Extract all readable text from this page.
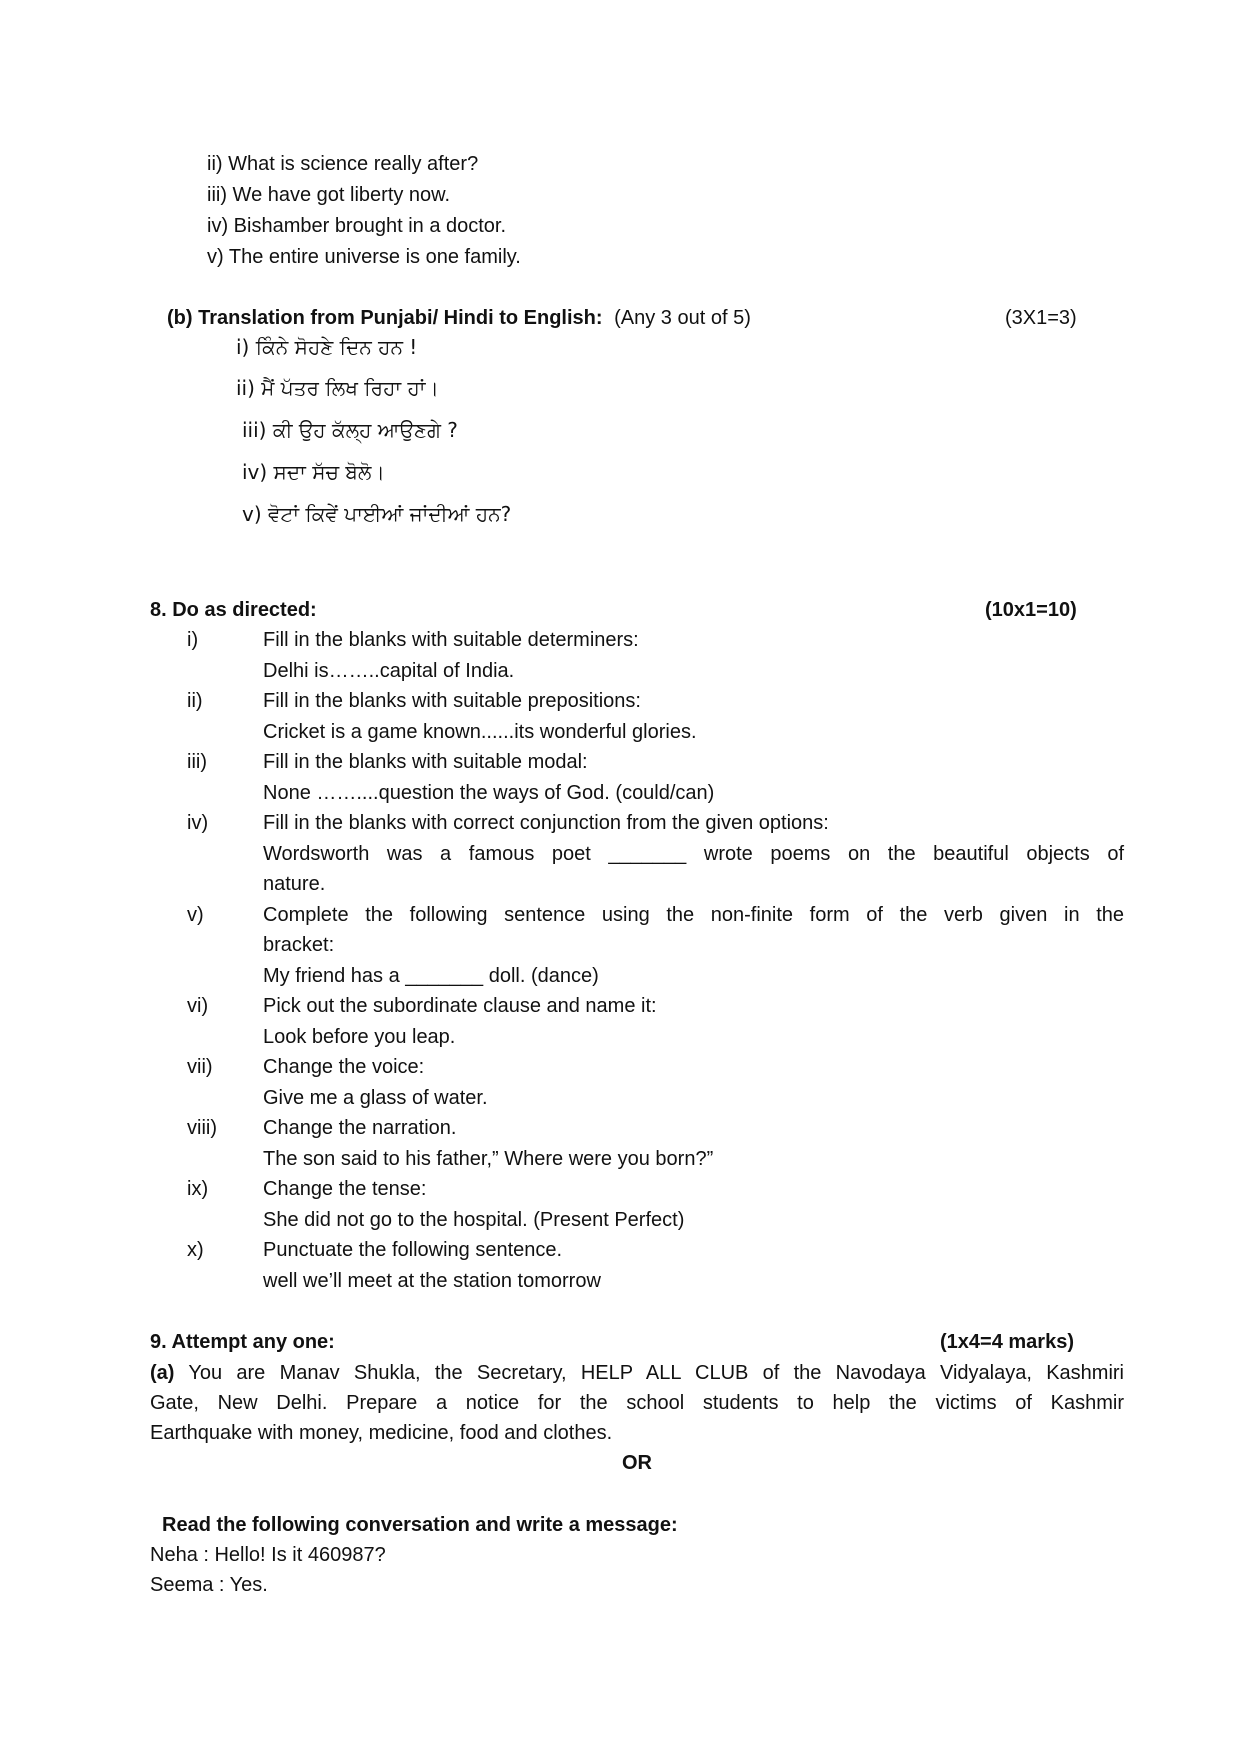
ii) What is science really after?
iii) We have got liberty now.
iv) Bishamber brought in a doctor.
v) The entire universe is one family.
(b) Translation from Punjabi/ Hindi to English: (Any 3 out of 5)	(3X1=3)
i) ਕਿੰਨੇ ਸੋਹਣੇ ਦਿਨ ਹਨ !
ii) ਮੈਂ ਪੱਤਰ ਲਿਖ ਰਿਹਾ ਹਾਂ।
iii) ਕੀ ਉਹ ਕੱਲ੍ਹ ਆਉਣਗੇ ?
iv) ਸਦਾ ਸੱਚ ਬੋਲੋ।
v) ਵੋਟਾਂ ਕਿਵੇਂ ਪਾਈਆਂ ਜਾਂਦੀਆਂ ਹਨ?
8. Do as directed:	(10x1=10)
i)	Fill in the blanks with suitable determiners:
Delhi is……..capital of India.
ii)	Fill in the blanks with suitable prepositions:
Cricket is a game known......its wonderful glories.
iii)	Fill in the blanks with suitable modal:
None ……....question the ways of God. (could/can)
iv)	Fill in the blanks with correct conjunction from the given options:
Wordsworth was a famous poet _______ wrote poems on the beautiful objects of
nature.
v)	Complete the following sentence using the non-finite form of the verb given in the
bracket:
My friend has a _______ doll. (dance)
vi)	Pick out the subordinate clause and name it:
Look before you leap.
vii)	Change the voice:
Give me a glass of water.
viii) Change the narration.
The son said to his father,” Where were you born?”
ix)	Change the tense:
She did not go to the hospital. (Present Perfect)
x)	Punctuate the following sentence.
well we’ll meet at the station tomorrow
9. Attempt any one:	(1x4=4 marks)
(a) You are Manav Shukla, the Secretary, HELP ALL CLUB of the Navodaya Vidyalaya, Kashmiri
Gate, New Delhi. Prepare a notice for the school students to help the victims of Kashmir
Earthquake with money, medicine, food and clothes.
OR
Read the following conversation and write a message:
Neha : Hello! Is it 460987?
Seema : Yes.
